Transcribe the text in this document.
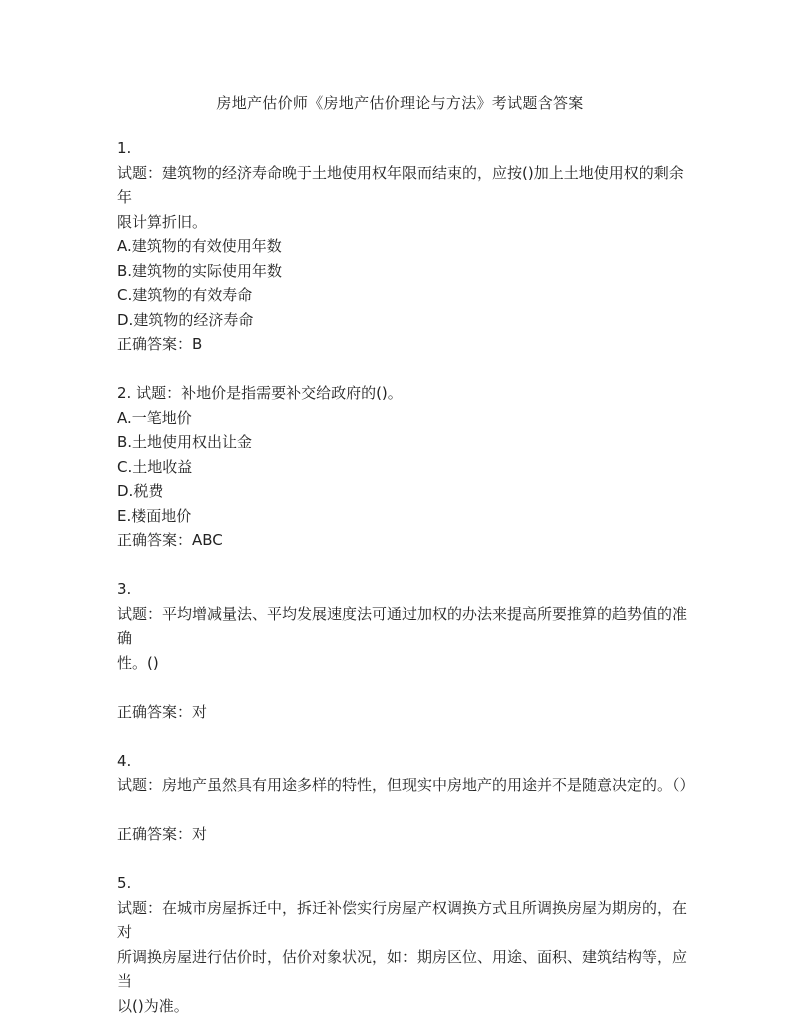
房地产估价师《房地产估价理论与方法》考试题含答案

1.

试题：建筑物的经济寿命晚于土地使用权年限而结束的，应按()加上土地使用权的剩余年

限计算折旧。

A.建筑物的有效使用年数

B.建筑物的实际使用年数

C.建筑物的有效寿命

D.建筑物的经济寿命

正确答案：B

2. 试题：补地价是指需要补交给政府的()。

A.一笔地价

B.土地使用权出让金

C.土地收益

D.税费

E.楼面地价

正确答案：ABC

3.

试题：平均增减量法、平均发展速度法可通过加权的办法来提高所要推算的趋势值的准确

性。()

正确答案：对

4.

试题：房地产虽然具有用途多样的特性，但现实中房地产的用途并不是随意决定的。（）

正确答案：对

5.

试题：在城市房屋拆迁中，拆迁补偿实行房屋产权调换方式且所调换房屋为期房的，在对

所调换房屋进行估价时，估价对象状况，如：期房区位、用途、面积、建筑结构等，应当

以()为准。
